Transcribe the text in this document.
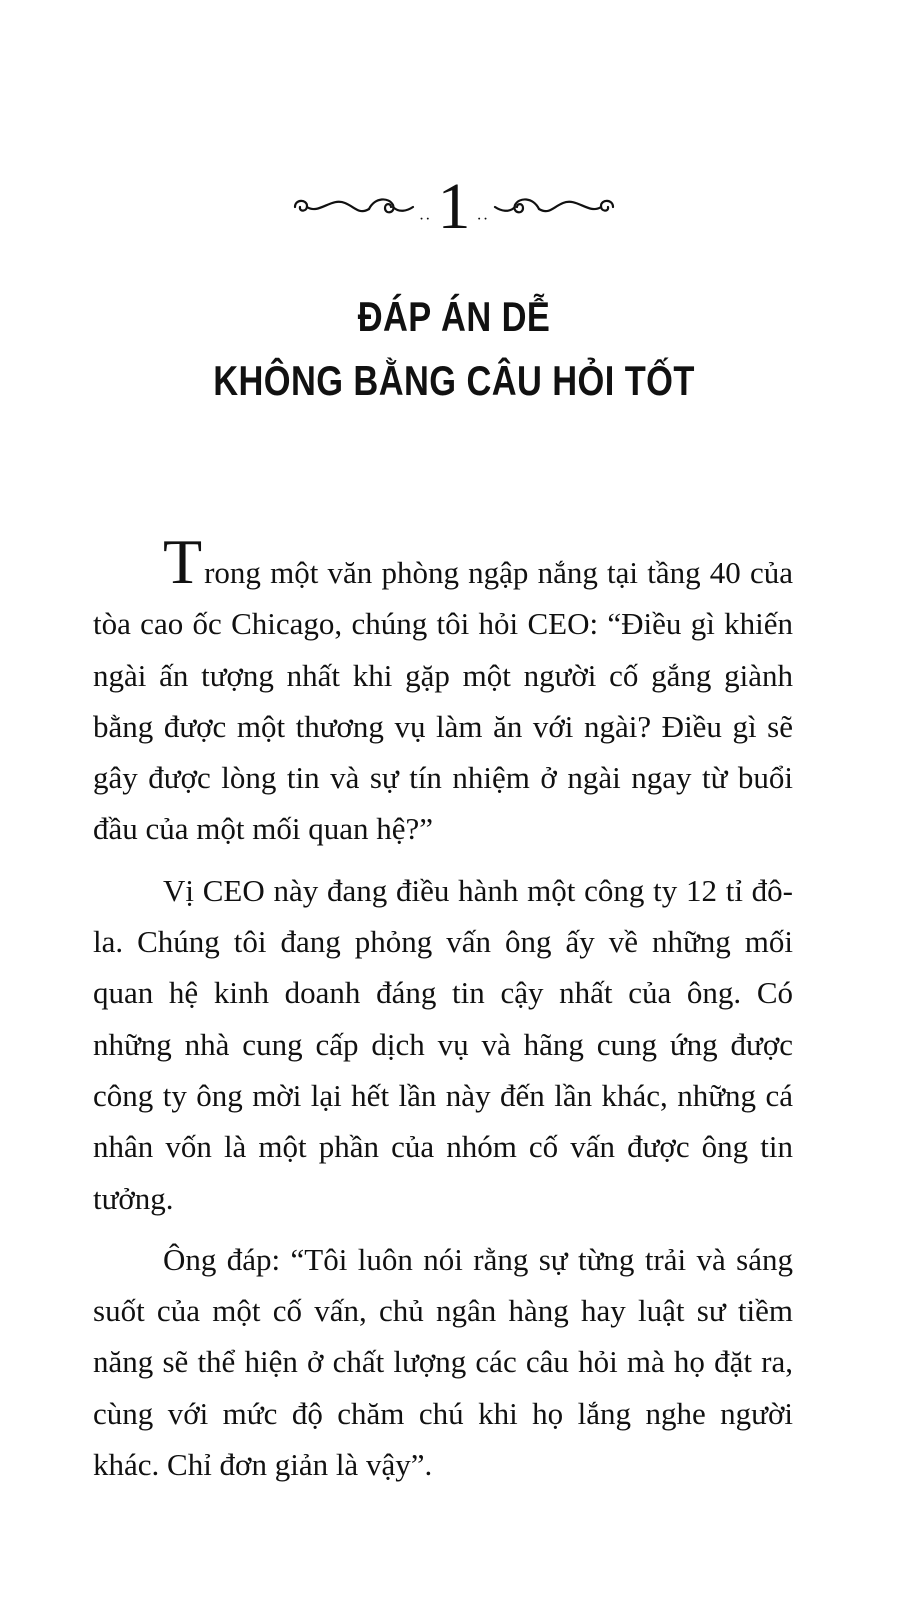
·· 1 ··
ĐÁP ÁN DỄ
KHÔNG BẰNG CÂU HỎI TỐT

Trong một văn phòng ngập nắng tại tầng 40 của tòa cao ốc Chicago, chúng tôi hỏi CEO: “Điều gì khiến ngài ấn tượng nhất khi gặp một người cố gắng giành bằng được một thương vụ làm ăn với ngài? Điều gì sẽ gây được lòng tin và sự tín nhiệm ở ngài ngay từ buổi đầu của một mối quan hệ?”

Vị CEO này đang điều hành một công ty 12 tỉ đô-la. Chúng tôi đang phỏng vấn ông ấy về những mối quan hệ kinh doanh đáng tin cậy nhất của ông. Có những nhà cung cấp dịch vụ và hãng cung ứng được công ty ông mời lại hết lần này đến lần khác, những cá nhân vốn là một phần của nhóm cố vấn được ông tin tưởng.

Ông đáp: “Tôi luôn nói rằng sự từng trải và sáng suốt của một cố vấn, chủ ngân hàng hay luật sư tiềm năng sẽ thể hiện ở chất lượng các câu hỏi mà họ đặt ra, cùng với mức độ chăm chú khi họ lắng nghe người khác. Chỉ đơn giản là vậy”.
